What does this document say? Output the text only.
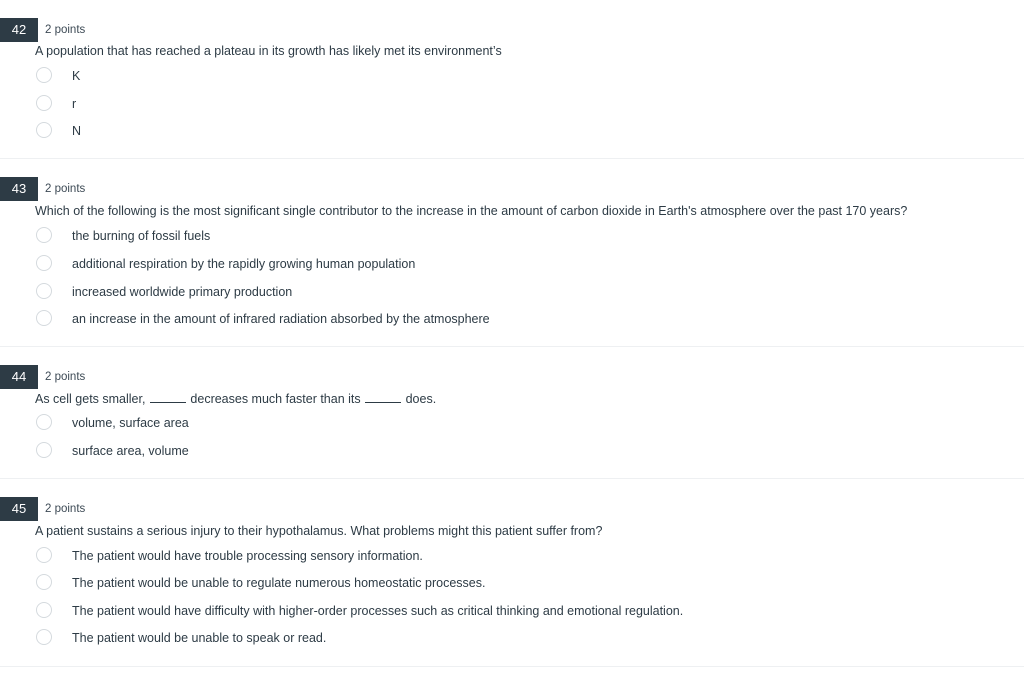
42	2 points
A population that has reached a plateau in its growth has likely met its environment’s
K
r
N
43	2 points
Which of the following is the most significant single contributor to the increase in the amount of carbon dioxide in Earth's atmosphere over the past 170 years?
the burning of fossil fuels
additional respiration by the rapidly growing human population
increased worldwide primary production
an increase in the amount of infrared radiation absorbed by the atmosphere
44	2 points
As cell gets smaller,	decreases much faster than its	does.
volume, surface area
surface area, volume
45	2 points
A patient sustains a serious injury to their hypothalamus. What problems might this patient suffer from?
The patient would have trouble processing sensory information.
The patient would be unable to regulate numerous homeostatic processes.
The patient would have difficulty with higher-order processes such as critical thinking and emotional regulation.
The patient would be unable to speak or read.
